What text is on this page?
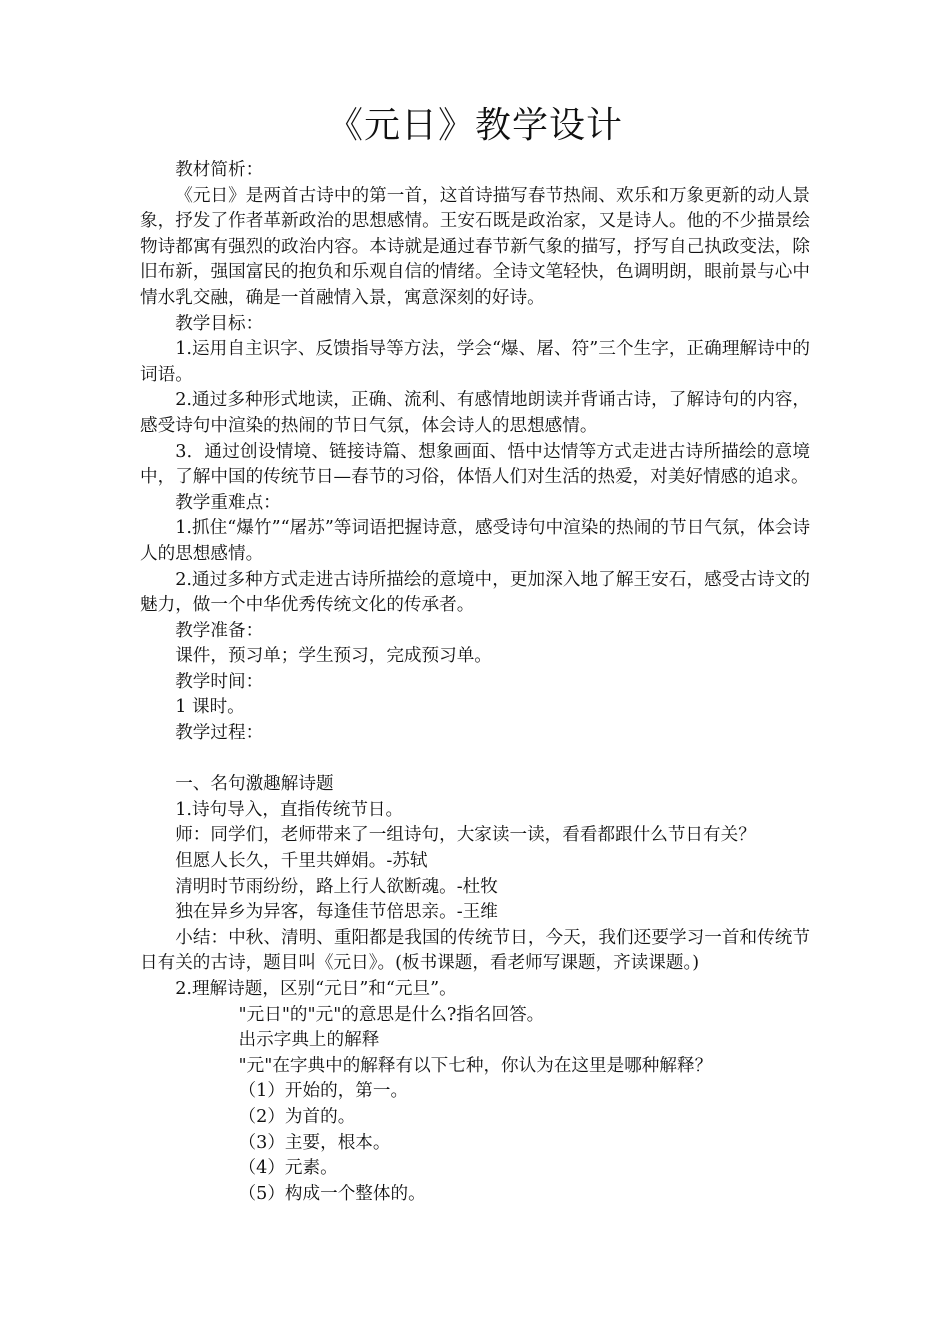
《元日》教学设计

教材简析：

《元日》是两首古诗中的第一首，这首诗描写春节热闹、欢乐和万象更新的动人景象，抒发了作者革新政治的思想感情。王安石既是政治家，又是诗人。他的不少描景绘物诗都寓有强烈的政治内容。本诗就是通过春节新气象的描写，抒写自己执政变法，除旧布新，强国富民的抱负和乐观自信的情绪。全诗文笔轻快，色调明朗，眼前景与心中情水乳交融，确是一首融情入景，寓意深刻的好诗。

教学目标：

1.运用自主识字、反馈指导等方法，学会“爆、屠、符”三个生字，正确理解诗中的词语。

2.通过多种形式地读，正确、流利、有感情地朗读并背诵古诗，了解诗句的内容，感受诗句中渲染的热闹的节日气氛，体会诗人的思想感情。

3．通过创设情境、链接诗篇、想象画面、悟中达情等方式走进古诗所描绘的意境中，了解中国的传统节日—春节的习俗，体悟人们对生活的热爱，对美好情感的追求。

教学重难点：

1.抓住“爆竹”“屠苏”等词语把握诗意，感受诗句中渲染的热闹的节日气氛，体会诗人的思想感情。

2.通过多种方式走进古诗所描绘的意境中，更加深入地了解王安石，感受古诗文的魅力，做一个中华优秀传统文化的传承者。

教学准备：

课件，预习单；学生预习，完成预习单。

教学时间：

1 课时。

教学过程：

一、名句激趣解诗题

1.诗句导入，直指传统节日。

师：同学们，老师带来了一组诗句，大家读一读，看看都跟什么节日有关？

但愿人长久，千里共婵娟。-苏轼

清明时节雨纷纷，路上行人欲断魂。-杜牧

独在异乡为异客，每逢佳节倍思亲。-王维

小结：中秋、清明、重阳都是我国的传统节日，今天，我们还要学习一首和传统节日有关的古诗，题目叫《元日》。(板书课题，看老师写课题，齐读课题。)

2.理解诗题，区别“元日”和“元旦”。

"元日"的"元"的意思是什么?指名回答。

出示字典上的解释

"元"在字典中的解释有以下七种，你认为在这里是哪种解释？

（1）开始的，第一。

（2）为首的。

（3）主要，根本。

（4）元素。

（5）构成一个整体的。
